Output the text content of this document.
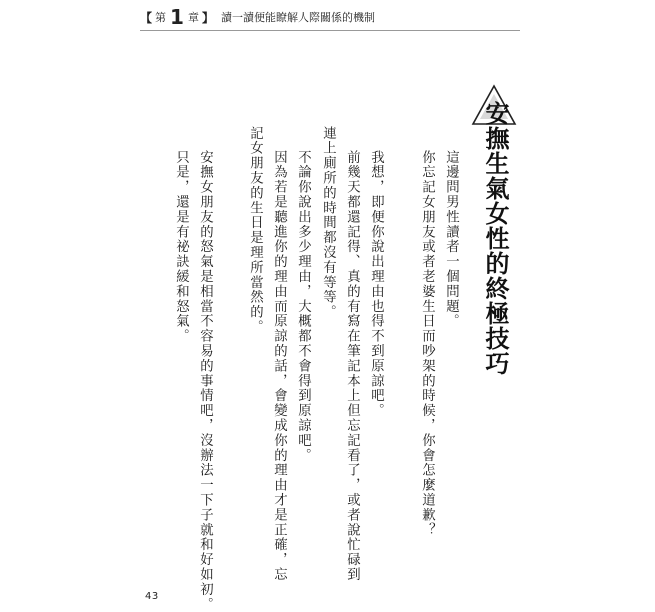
【 第 1 章 】 讀一讀便能瞭解人際關係的機制
安撫生氣女性的終極技巧
這邊問男性讀者一個問題。
你忘記女朋友或者老婆生日而吵架的時候，你會怎麼道歉？
我想，即便你說出理由也得不到原諒吧。
前幾天都還記得、真的有寫在筆記本上但忘記看了，或者說忙碌到
連上廁所的時間都沒有等等。
不論你說出多少理由，大概都不會得到原諒吧。
因為若是聽進你的理由而原諒的話，會變成你的理由才是正確，忘
記女朋友的生日是理所當然的。
安撫女朋友的怒氣是相當不容易的事情吧，沒辦法一下子就和好如初。
只是，還是有祕訣緩和怒氣。
43
